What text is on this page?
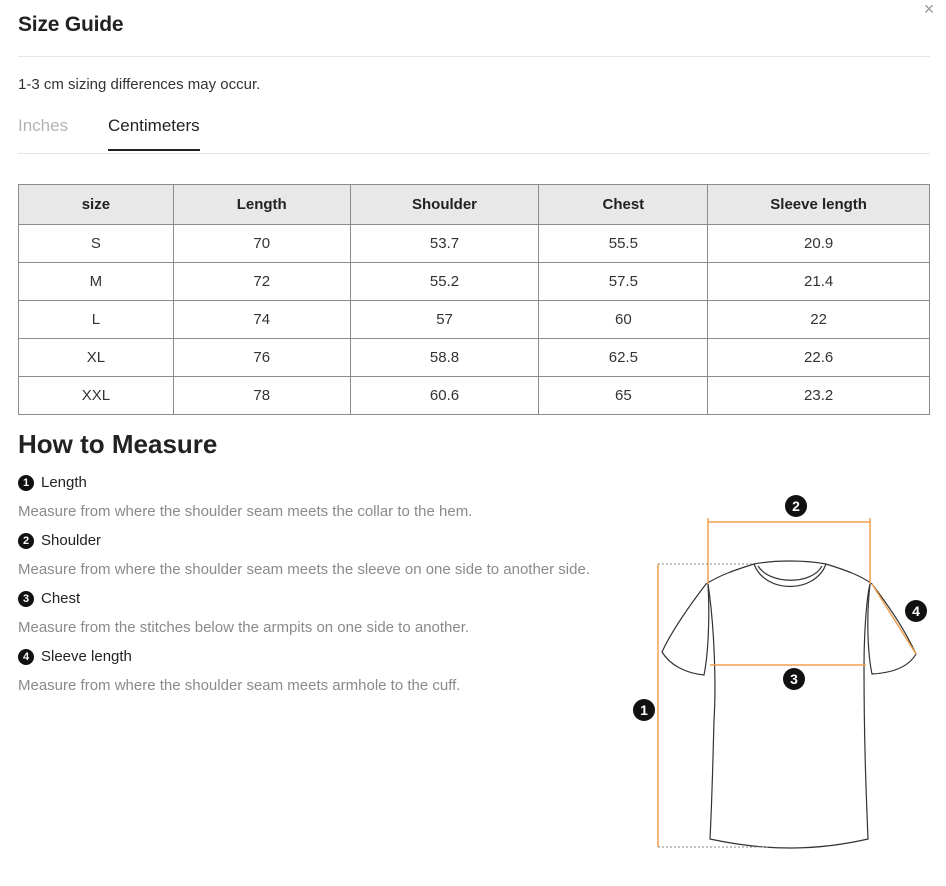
Size Guide
×
1-3 cm sizing differences may occur.
Inches Centimeters
size	Length	Shoulder	Chest	Sleeve length
S	70	53.7	55.5	20.9
M	72	55.2	57.5	21.4
L	74	57	60	22
XL	76	58.8	62.5	22.6
XXL	78	60.6	65	23.2
How to Measure
1 Length
Measure from where the shoulder seam meets the collar to the hem.
2 Shoulder
Measure from where the shoulder seam meets the sleeve on one side to another side.
3 Chest
Measure from the stitches below the armpits on one side to another.
4 Sleeve length
Measure from where the shoulder seam meets armhole to the cuff.
1
2
3
4
